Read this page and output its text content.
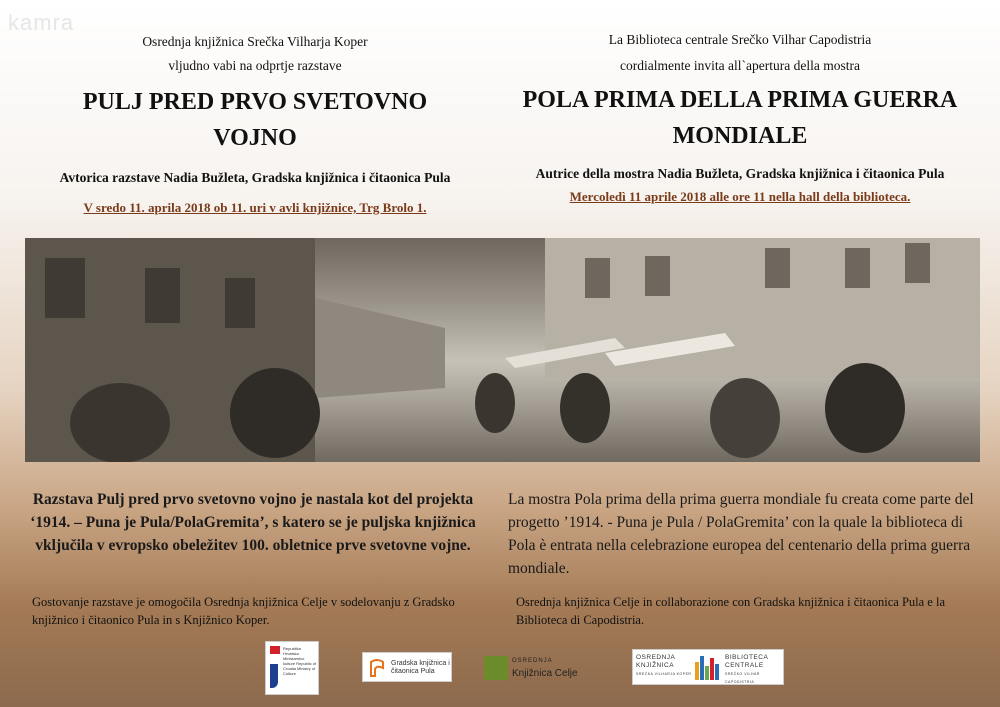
kamra
Osrednja knjižnica Srečka Vilharja Koper
vljudno vabi na odprtje razstave
PULJ PRED PRVO SVETOVNO VOJNO
Avtorica razstave Nadia Bužleta, Gradska knjižnica i čitaonica Pula
V sredo 11. aprila 2018 ob 11. uri v avli knjižnice, Trg Brolo 1.
La Biblioteca centrale Srečko Vilhar Capodistria
cordialmente invita all`apertura della mostra
POLA PRIMA DELLA PRIMA GUERRA MONDIALE
Autrice della mostra Nadia Bužleta, Gradska knjižnica i čitaonica Pula
Mercoledì 11 aprile 2018 alle ore 11 nella hall della biblioteca.
Razstava Pulj pred prvo svetovno vojno je nastala kot del projekta ‘1914. – Puna je Pula/PolaGremita’, s katero se je puljska knjižnica vključila v evropsko obeležitev 100. obletnice prve svetovne vojne.
La mostra Pola prima della prima guerra mondiale fu creata come parte del progetto ’1914. - Puna je Pula / PolaGremita’ con la quale la biblioteca di Pola è entrata nella celebrazione europea del centenario della prima guerra mondiale.
Gostovanje razstave je omogočila Osrednja knjižnica Celje v sodelovanju z Gradsko knjižnico i čitaonico Pula in s Knjižnico Koper.
Osrednja knjižnica Celje in collaborazione con Gradska knjižnica i čitaonica Pula e la Biblioteca di Capodistria.
Republika Hrvatska Ministarstvo kulture Republic of Croatia Ministry of Culture
Gradska knjižnica i čitaonica Pula
OSREDNJA
Knjižnica Celje
OSREDNJA
KNJIŽNICA
SREČKA VILHARJA KOPER
BIBLIOTECA
CENTRALE
SREČKO VILHAR CAPODISTRIA
